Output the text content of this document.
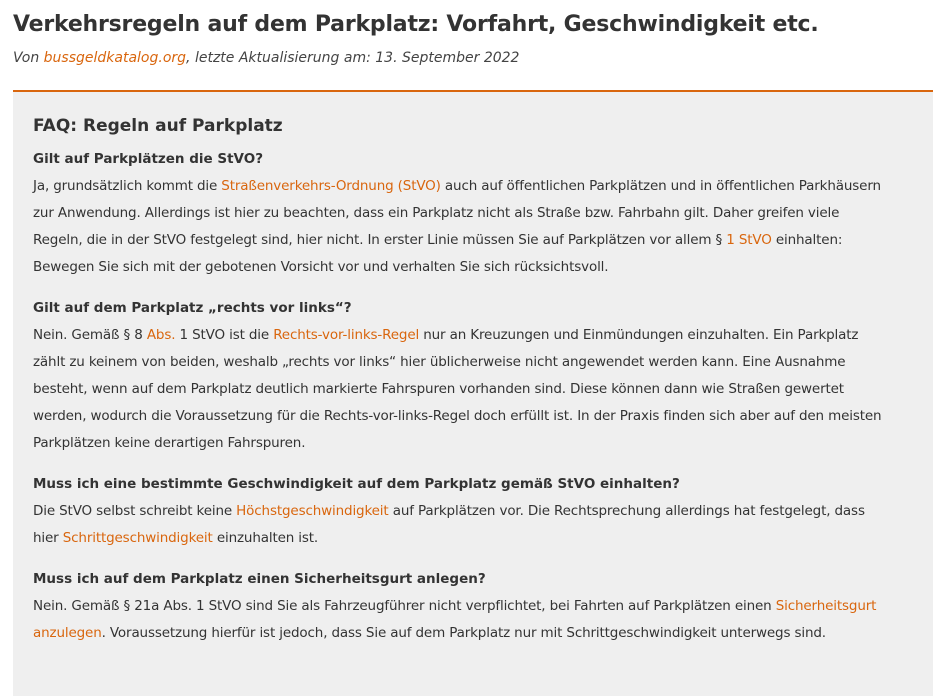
Verkehrsregeln auf dem Parkplatz: Vorfahrt, Geschwindigkeit etc.
Von bussgeldkatalog.org, letzte Aktualisierung am: 13. September 2022
FAQ: Regeln auf Parkplatz

Gilt auf Parkplätzen die StVO?

Ja, grundsätzlich kommt die Straßenverkehrs-Ordnung (StVO) auch auf öffentlichen Parkplätzen und in öffentlichen Parkhäusern
zur Anwendung. Allerdings ist hier zu beachten, dass ein Parkplatz nicht als Straße bzw. Fahrbahn gilt. Daher greifen viele
Regeln, die in der StVO festgelegt sind, hier nicht. In erster Linie müssen Sie auf Parkplätzen vor allem § 1 StVO einhalten:
Bewegen Sie sich mit der gebotenen Vorsicht vor und verhalten Sie sich rücksichtsvoll.

Gilt auf dem Parkplatz „rechts vor links“?

Nein. Gemäß § 8 Abs. 1 StVO ist die Rechts-vor-links-Regel nur an Kreuzungen und Einmündungen einzuhalten. Ein Parkplatz
zählt zu keinem von beiden, weshalb „rechts vor links“ hier üblicherweise nicht angewendet werden kann. Eine Ausnahme
besteht, wenn auf dem Parkplatz deutlich markierte Fahrspuren vorhanden sind. Diese können dann wie Straßen gewertet
werden, wodurch die Voraussetzung für die Rechts-vor-links-Regel doch erfüllt ist. In der Praxis finden sich aber auf den meisten
Parkplätzen keine derartigen Fahrspuren.

Muss ich eine bestimmte Geschwindigkeit auf dem Parkplatz gemäß StVO einhalten?

Die StVO selbst schreibt keine Höchstgeschwindigkeit auf Parkplätzen vor. Die Rechtsprechung allerdings hat festgelegt, dass
hier Schrittgeschwindigkeit einzuhalten ist.

Muss ich auf dem Parkplatz einen Sicherheitsgurt anlegen?

Nein. Gemäß § 21a Abs. 1 StVO sind Sie als Fahrzeugführer nicht verpflichtet, bei Fahrten auf Parkplätzen einen Sicherheitsgurt
anzulegen. Voraussetzung hierfür ist jedoch, dass Sie auf dem Parkplatz nur mit Schrittgeschwindigkeit unterwegs sind.
